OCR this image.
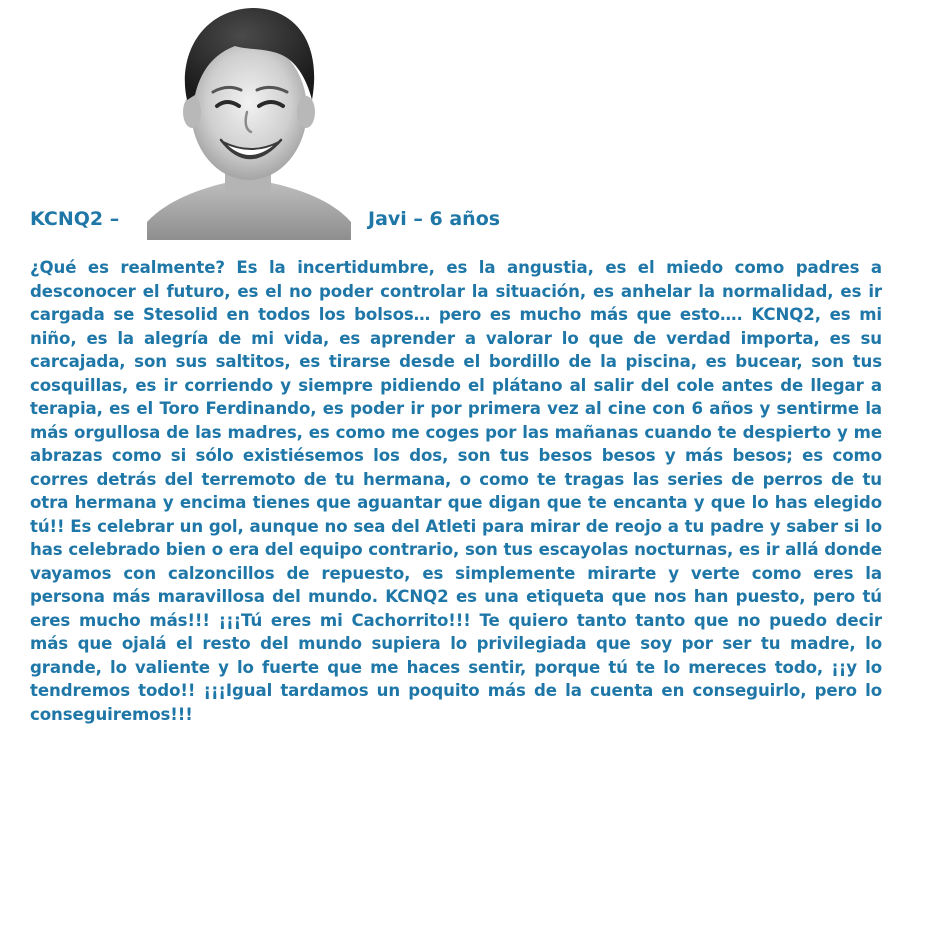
KCNQ2 –	Javi – 6 años

¿Qué es realmente? Es la incertidumbre, es la angustia, es el miedo como padres a desconocer el futuro, es el no poder controlar la situación, es anhelar la normalidad, es ir cargada se Stesolid en todos los bolsos… pero es mucho más que esto…. KCNQ2, es mi niño, es la alegría de mi vida, es aprender a valorar lo que de verdad importa, es su carcajada, son sus saltitos, es tirarse desde el bordillo de la piscina, es bucear, son tus cosquillas, es ir corriendo y siempre pidiendo el plátano al salir del cole antes de llegar a terapia, es el Toro Ferdinando, es poder ir por primera vez al cine con 6 años y sentirme la más orgullosa de las madres, es como me coges por las mañanas cuando te despierto y me abrazas como si sólo existiésemos los dos, son tus besos besos y más besos; es como corres detrás del terremoto de tu hermana, o como te tragas las series de perros de tu otra hermana y encima tienes que aguantar que digan que te encanta y que lo has elegido tú!! Es celebrar un gol, aunque no sea del Atleti para mirar de reojo a tu padre y saber si lo has celebrado bien o era del equipo contrario, son tus escayolas nocturnas, es ir allá donde vayamos con calzoncillos de repuesto, es simplemente mirarte y verte como eres la persona más maravillosa del mundo. KCNQ2 es una etiqueta que nos han puesto, pero tú eres mucho más!!! ¡¡¡Tú eres mi Cachorrito!!! Te quiero tanto tanto que no puedo decir más que ojalá el resto del mundo supiera lo privilegiada que soy por ser tu madre, lo grande, lo valiente y lo fuerte que me haces sentir, porque tú te lo mereces todo, ¡¡y lo tendremos todo!! ¡¡¡Igual tardamos un poquito más de la cuenta en conseguirlo, pero lo conseguiremos!!!
